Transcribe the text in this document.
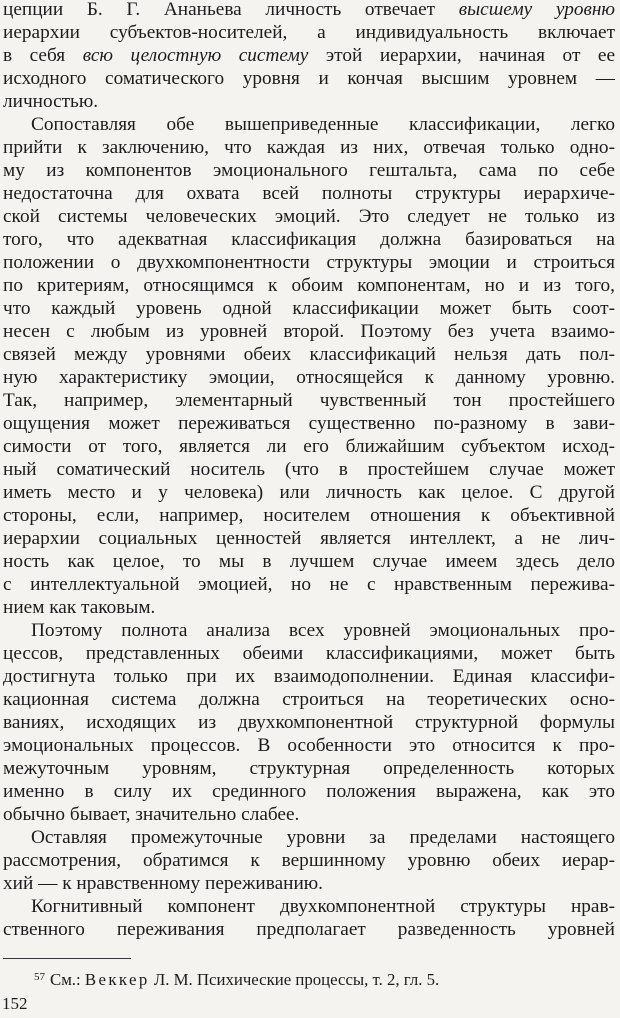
цепции Б. Г. Ананьева личность отвечает высшему уровню
иерархии субъектов-носителей, а индивидуальность включает
в себя всю целостную систему этой иерархии, начиная от ее
исходного соматического уровня и кончая высшим уровнем —
личностью.
Сопоставляя обе вышеприведенные классификации, легко
прийти к заключению, что каждая из них, отвечая только одно-
му из компонентов эмоционального гештальта, сама по себе
недостаточна для охвата всей полноты структуры иерархиче-
ской системы человеческих эмоций. Это следует не только из
того, что адекватная классификация должна базироваться на
положении о двухкомпонентности структуры эмоции и строиться
по критериям, относящимся к обоим компонентам, но и из того,
что каждый уровень одной классификации может быть соот-
несен с любым из уровней второй. Поэтому без учета взаимо-
связей между уровнями обеих классификаций нельзя дать пол-
ную характеристику эмоции, относящейся к данному уровню.
Так, например, элементарный чувственный тон простейшего
ощущения может переживаться существенно по-разному в зави-
симости от того, является ли его ближайшим субъектом исход-
ный соматический носитель (что в простейшем случае может
иметь место и у человека) или личность как целое. С другой
стороны, если, например, носителем отношения к объективной
иерархии социальных ценностей является интеллект, а не лич-
ность как целое, то мы в лучшем случае имеем здесь дело
с интеллектуальной эмоцией, но не с нравственным пережива-
нием как таковым.
Поэтому полнота анализа всех уровней эмоциональных про-
цессов, представленных обеими классификациями, может быть
достигнута только при их взаимодополнении. Единая классифи-
кационная система должна строиться на теоретических осно-
ваниях, исходящих из двухкомпонентной структурной формулы
эмоциональных процессов. В особенности это относится к про-
межуточным уровням, структурная определенность которых
именно в силу их срединного положения выражена, как это
обычно бывает, значительно слабее.
Оставляя промежуточные уровни за пределами настоящего
рассмотрения, обратимся к вершинному уровню обеих иерар-
хий — к нравственному переживанию.
Когнитивный компонент двухкомпонентной структуры нрав-
ственного переживания предполагает разведенность уровней
$^{57}$ См.: Веккер Л. М. Психические процессы, т. 2, гл. 5.
152
